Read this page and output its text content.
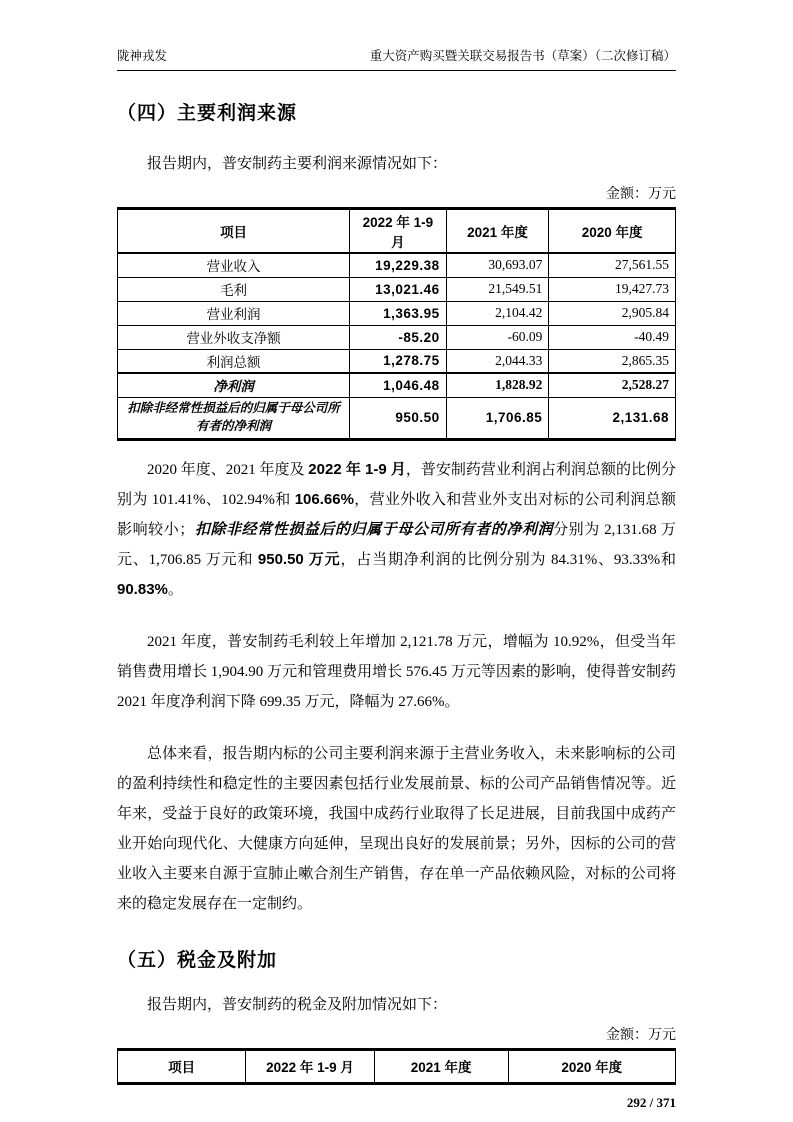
陇神戎发	重大资产购买暨关联交易报告书（草案）（二次修订稿）
（四）主要利润来源

报告期内，普安制药主要利润来源情况如下：

金额：万元
项目	2022 年 1-9 月	2021 年度	2020 年度
营业收入	19,229.38	30,693.07	27,561.55
毛利	13,021.46	21,549.51	19,427.73
营业利润	1,363.95	2,104.42	2,905.84
营业外收支净额	-85.20	-60.09	-40.49
利润总额	1,278.75	2,044.33	2,865.35
净利润	1,046.48	1,828.92	2,528.27
扣除非经常性损益后的归属于母公司所有者的净利润	950.50	1,706.85	2,131.68

2020 年度、2021 年度及 2022 年 1-9 月，普安制药营业利润占利润总额的比例分别为 101.41%、102.94%和 106.66%，营业外收入和营业外支出对标的公司利润总额影响较小；扣除非经常性损益后的归属于母公司所有者的净利润分别为 2,131.68 万元、1,706.85 万元和 950.50 万元，占当期净利润的比例分别为 84.31%、93.33%和 90.83%。

2021 年度，普安制药毛利较上年增加 2,121.78 万元，增幅为 10.92%，但受当年销售费用增长 1,904.90 万元和管理费用增长 576.45 万元等因素的影响，使得普安制药 2021 年度净利润下降 699.35 万元，降幅为 27.66%。

总体来看，报告期内标的公司主要利润来源于主营业务收入，未来影响标的公司的盈利持续性和稳定性的主要因素包括行业发展前景、标的公司产品销售情况等。近年来，受益于良好的政策环境，我国中成药行业取得了长足进展，目前我国中成药产业开始向现代化、大健康方向延伸，呈现出良好的发展前景；另外，因标的公司的营业收入主要来自源于宣肺止嗽合剂生产销售，存在单一产品依赖风险，对标的公司将来的稳定发展存在一定制约。

（五）税金及附加

报告期内，普安制药的税金及附加情况如下：

金额：万元
项目	2022 年 1-9 月	2021 年度	2020 年度
292 / 371
